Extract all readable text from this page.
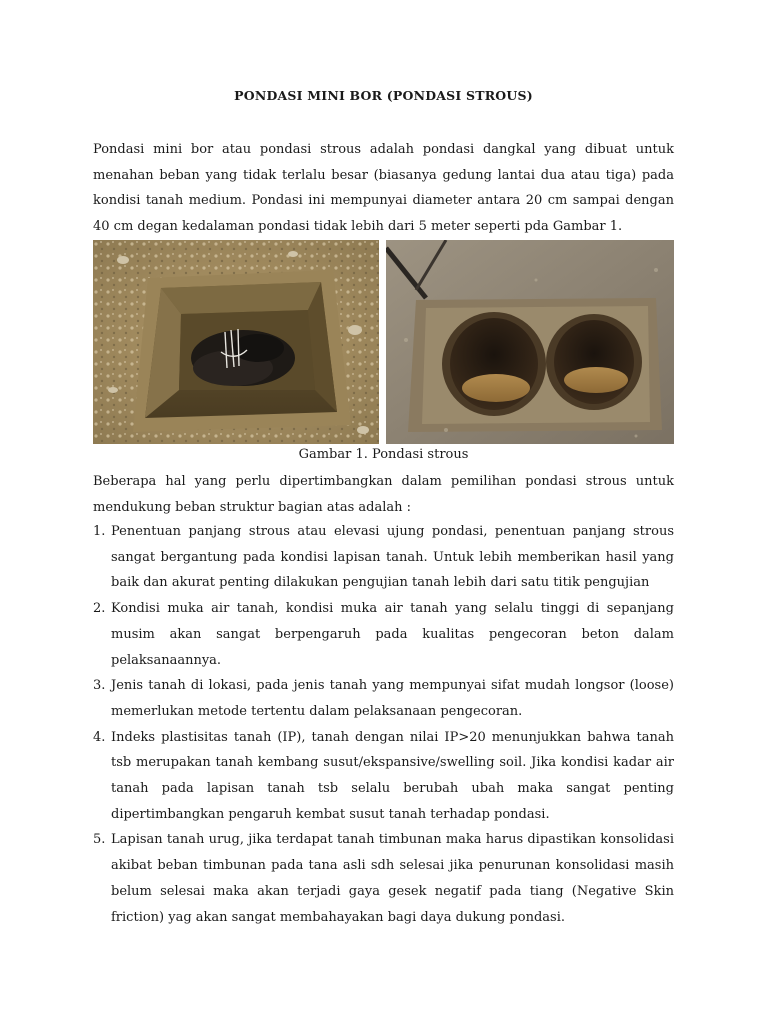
PONDASI MINI BOR (PONDASI STROUS)

Pondasi mini bor atau pondasi strous adalah pondasi dangkal yang dibuat untuk menahan beban yang tidak terlalu besar (biasanya gedung lantai dua atau tiga) pada kondisi tanah medium. Pondasi ini mempunyai diameter antara 20 cm sampai dengan 40 cm degan kedalaman pondasi tidak lebih dari 5 meter seperti pda Gambar 1.

Gambar 1. Pondasi strous

Beberapa hal yang perlu dipertimbangkan dalam pemilihan pondasi strous untuk mendukung beban struktur bagian atas adalah :

1. Penentuan panjang strous atau elevasi ujung pondasi, penentuan panjang strous sangat bergantung pada kondisi lapisan tanah. Untuk lebih memberikan hasil yang baik dan akurat penting dilakukan pengujian tanah lebih dari satu titik pengujian
2. Kondisi muka air tanah, kondisi muka air tanah yang selalu tinggi di sepanjang musim akan sangat berpengaruh pada kualitas pengecoran beton dalam pelaksanaannya.
3. Jenis tanah di lokasi, pada jenis tanah yang mempunyai sifat mudah longsor (loose) memerlukan metode tertentu dalam pelaksanaan pengecoran.
4. Indeks plastisitas tanah (IP), tanah dengan nilai IP>20 menunjukkan bahwa tanah tsb merupakan tanah kembang susut/ekspansive/swelling soil. Jika kondisi kadar air tanah pada lapisan tanah tsb selalu berubah ubah maka sangat penting dipertimbangkan pengaruh kembat susut tanah terhadap pondasi.
5. Lapisan tanah urug, jika terdapat tanah timbunan maka harus dipastikan konsolidasi akibat beban timbunan pada tana asli sdh selesai jika penurunan konsolidasi masih belum selesai maka akan terjadi gaya gesek negatif pada tiang (Negative Skin friction) yag akan sangat membahayakan bagi daya dukung pondasi.
